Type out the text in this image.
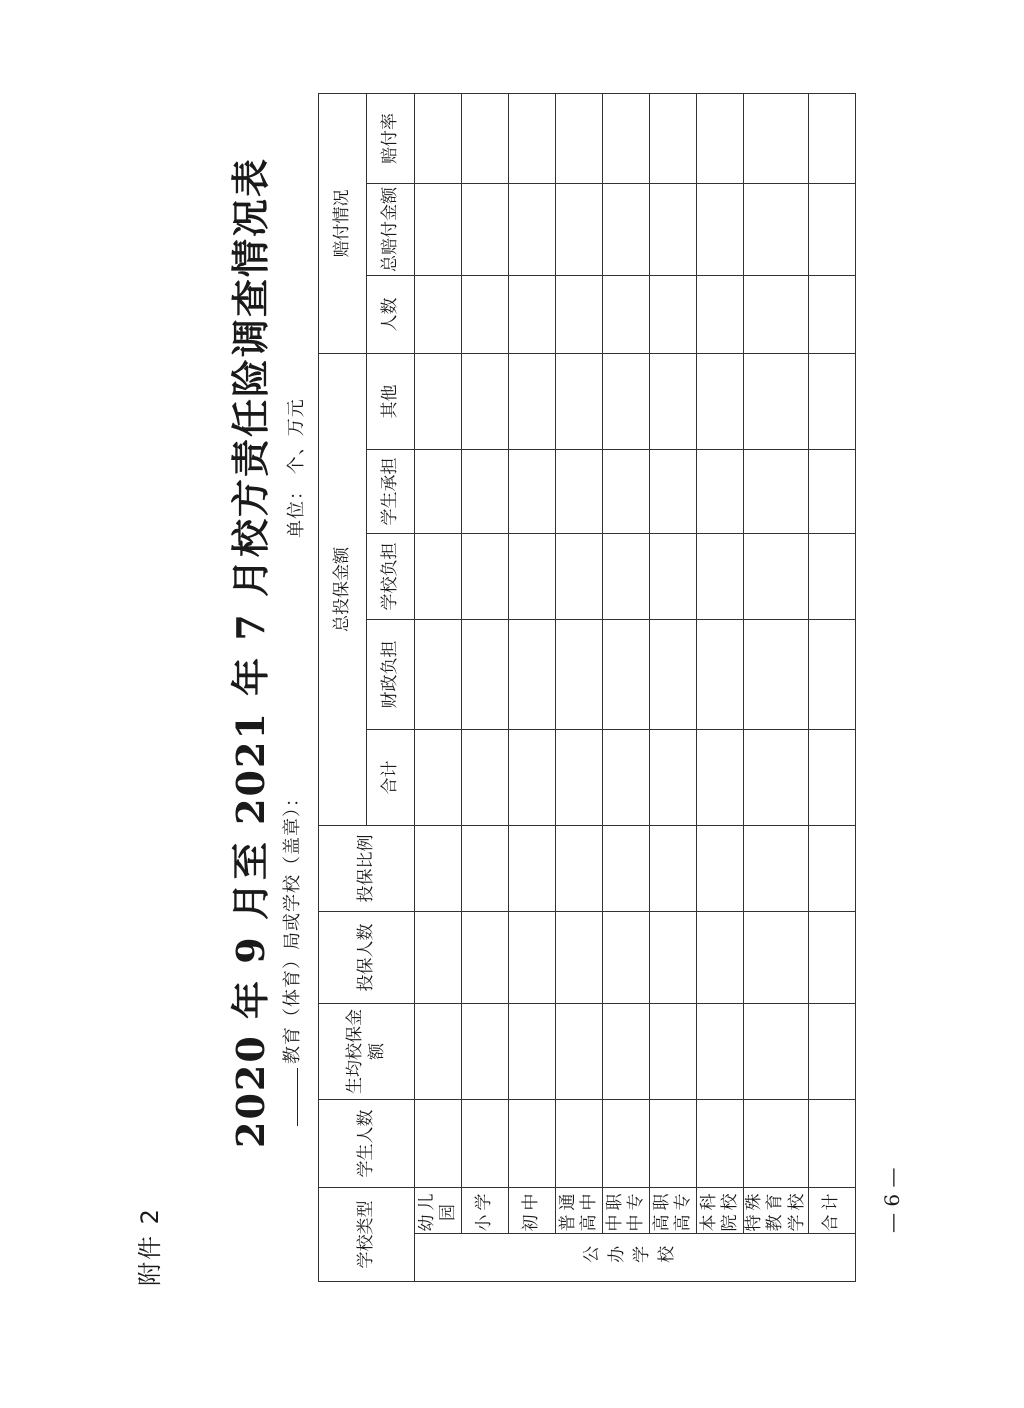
附件 2
2020 年 9 月至 2021 年 7 月校方责任险调查情况表 教育（体育）局或学校（盖章）：
单位： 个、万元
学校类型		学生人数	生均校保金额	投保人数	投保比例	总投保金额					赔付情况		
						合计	财政负担	学校负担	学生承担	其他	人数	总赔付金额	赔付率
公办学校	幼儿园												
	小学												
	初中												
	普通高中												
	中职中专												
	高职高专												
	本科院校												
	特殊教育学校												
	合计												— 6 —
